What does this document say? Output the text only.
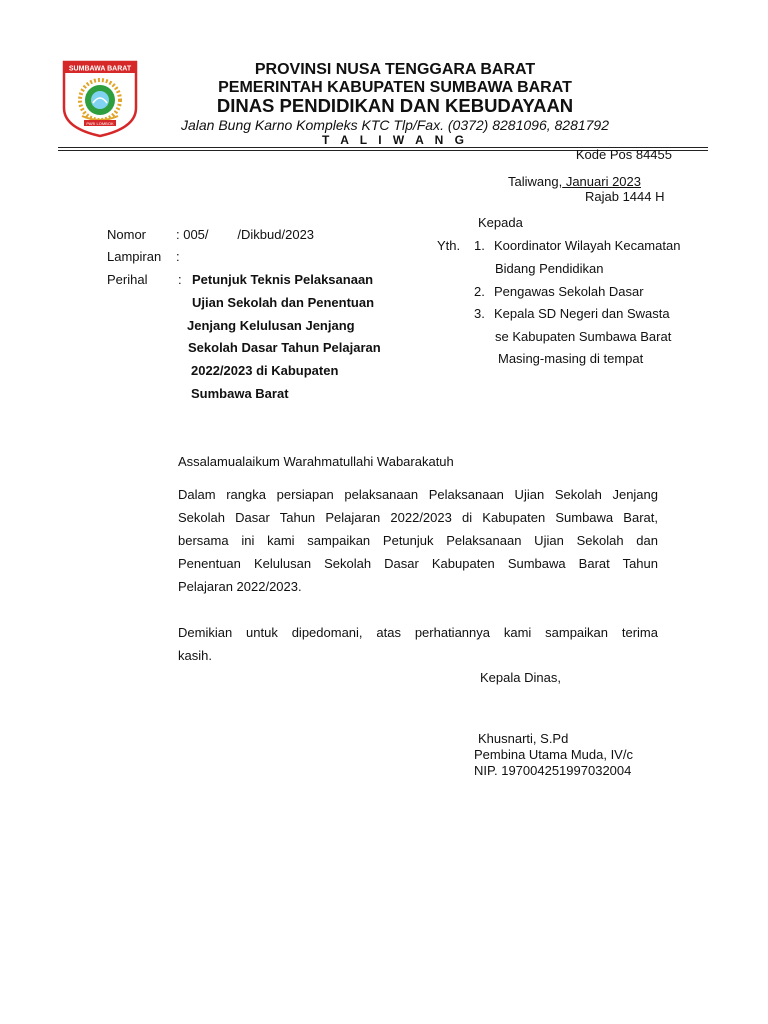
SUMBAWA BARAT
PARI LOMBOK
PROVINSI NUSA TENGGARA BARAT
PEMERINTAH KABUPATEN SUMBAWA BARAT
DINAS PENDIDIKAN DAN KEBUDAYAAN
Jalan Bung Karno Kompleks KTC Tlp/Fax. (0372) 8281096, 8281792
T A L I W A N G
Kode Pos 84455
Taliwang, Januari 2023
Rajab 1444 H
Nomor : 005/        /Dikbud/2023
Lampiran :
Perihal : Petunjuk Teknis Pelaksanaan
Ujian Sekolah dan Penentuan
Jenjang Kelulusan Jenjang
Sekolah Dasar Tahun Pelajaran
2022/2023 di Kabupaten
Sumbawa Barat
Kepada
Yth. 1. Koordinator Wilayah Kecamatan
Bidang Pendidikan
2. Pengawas Sekolah Dasar
3. Kepala SD Negeri dan Swasta
se Kabupaten Sumbawa Barat
Masing-masing di tempat
Assalamualaikum Warahmatullahi Wabarakatuh
Dalam rangka persiapan pelaksanaan Pelaksanaan Ujian Sekolah Jenjang
Sekolah Dasar Tahun Pelajaran 2022/2023 di Kabupaten Sumbawa Barat,
bersama ini kami sampaikan Petunjuk Pelaksanaan Ujian Sekolah dan
Penentuan Kelulusan Sekolah Dasar Kabupaten Sumbawa Barat Tahun
Pelajaran 2022/2023.
Demikian untuk dipedomani, atas perhatiannya kami sampaikan terima
kasih.
Kepala Dinas,
Khusnarti, S.Pd
Pembina Utama Muda, IV/c
NIP. 197004251997032004
